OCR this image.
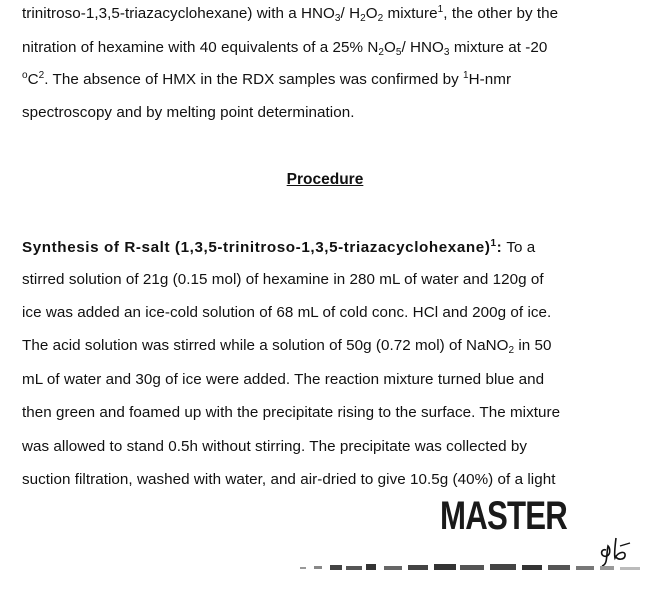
trinitroso-1,3,5-triazacyclohexane) with a $HNO_3/$ $H_2O_2$ mixture$^1$, the other by the
nitration of hexamine with 40 equivalents of a 25% $N_2O_5/$ $HNO_3$ mixture at -20
$^oC^2$. The absence of HMX in the RDX samples was confirmed by $^1$H-nmr
spectroscopy and by melting point determination.
Procedure
Synthesis of R-salt (1,3,5-trinitroso-1,3,5-triazacyclohexane)$^1$: To a
stirred solution of 21g (0.15 mol) of hexamine in 280 mL of water and 120g of
ice was added an ice-cold solution of 68 mL of cold conc. HCl and 200g of ice.
The acid solution was stirred while a solution of 50g (0.72 mol) of NaNO$_2$ in 50
mL of water and 30g of ice were added. The reaction mixture turned blue and
then green and foamed up with the precipitate rising to the surface. The mixture
was allowed to stand 0.5h without stirring. The precipitate was collected by
suction filtration, washed with water, and air-dried to give 10.5g (40%) of a light
MASTER
